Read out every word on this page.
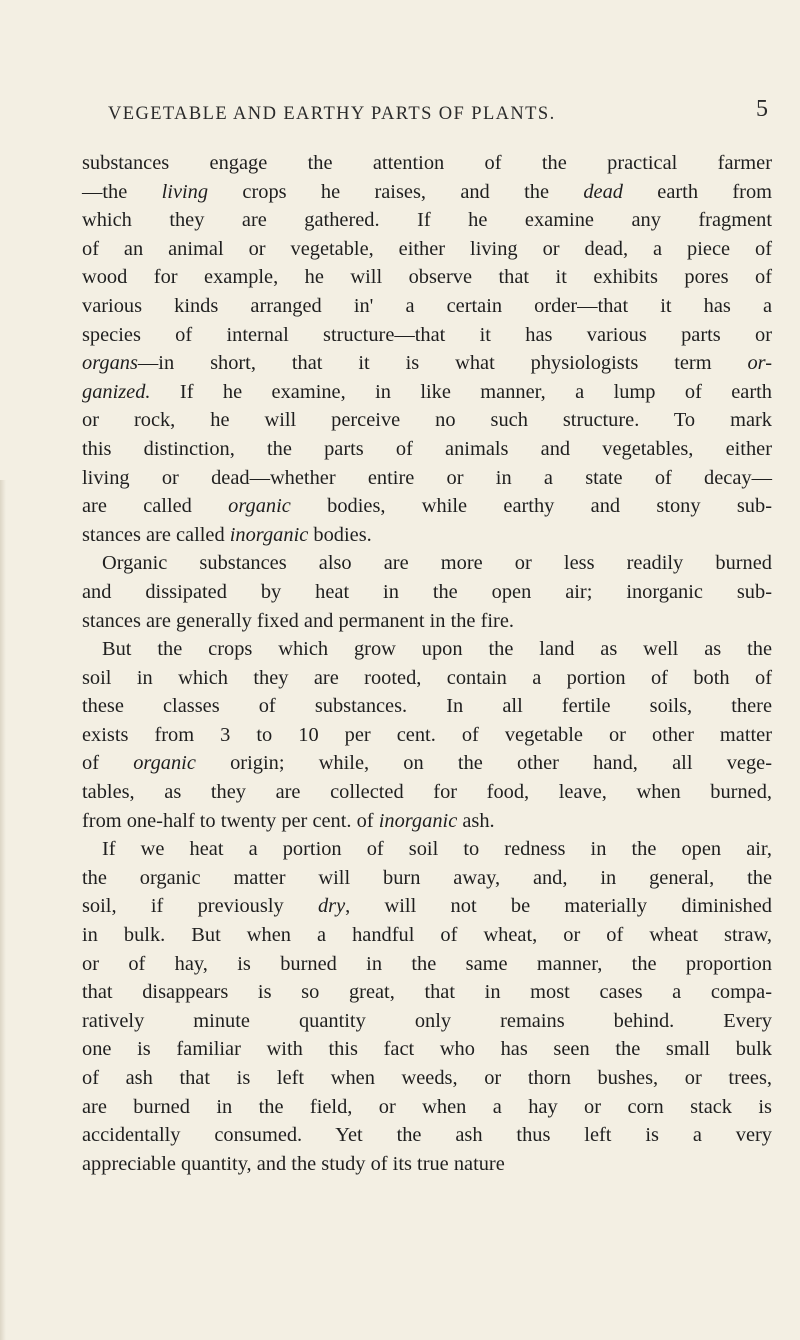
VEGETABLE AND EARTHY PARTS OF PLANTS.	5
substances engage the attention of the practical farmer
—the living crops he raises, and the dead earth from
which they are gathered. If he examine any fragment
of an animal or vegetable, either living or dead, a piece of
wood for example, he will observe that it exhibits pores of
various kinds arranged in' a certain order—that it has a
species of internal structure—that it has various parts or
organs—in short, that it is what physiologists term or-
ganized. If he examine, in like manner, a lump of earth
or rock, he will perceive no such structure. To mark
this distinction, the parts of animals and vegetables, either
living or dead—whether entire or in a state of decay—
are called organic bodies, while earthy and stony sub-
stances are called inorganic bodies.
Organic substances also are more or less readily burned
and dissipated by heat in the open air; inorganic sub-
stances are generally fixed and permanent in the fire.
But the crops which grow upon the land as well as the
soil in which they are rooted, contain a portion of both of
these classes of substances. In all fertile soils, there
exists from 3 to 10 per cent. of vegetable or other matter
of organic origin; while, on the other hand, all vege-
tables, as they are collected for food, leave, when burned,
from one-half to twenty per cent. of inorganic ash.
If we heat a portion of soil to redness in the open air,
the organic matter will burn away, and, in general, the
soil, if previously dry, will not be materially diminished
in bulk. But when a handful of wheat, or of wheat straw,
or of hay, is burned in the same manner, the proportion
that disappears is so great, that in most cases a compa-
ratively minute quantity only remains behind. Every
one is familiar with this fact who has seen the small bulk
of ash that is left when weeds, or thorn bushes, or trees,
are burned in the field, or when a hay or corn stack is
accidentally consumed. Yet the ash thus left is a very
appreciable quantity, and the study of its true nature
